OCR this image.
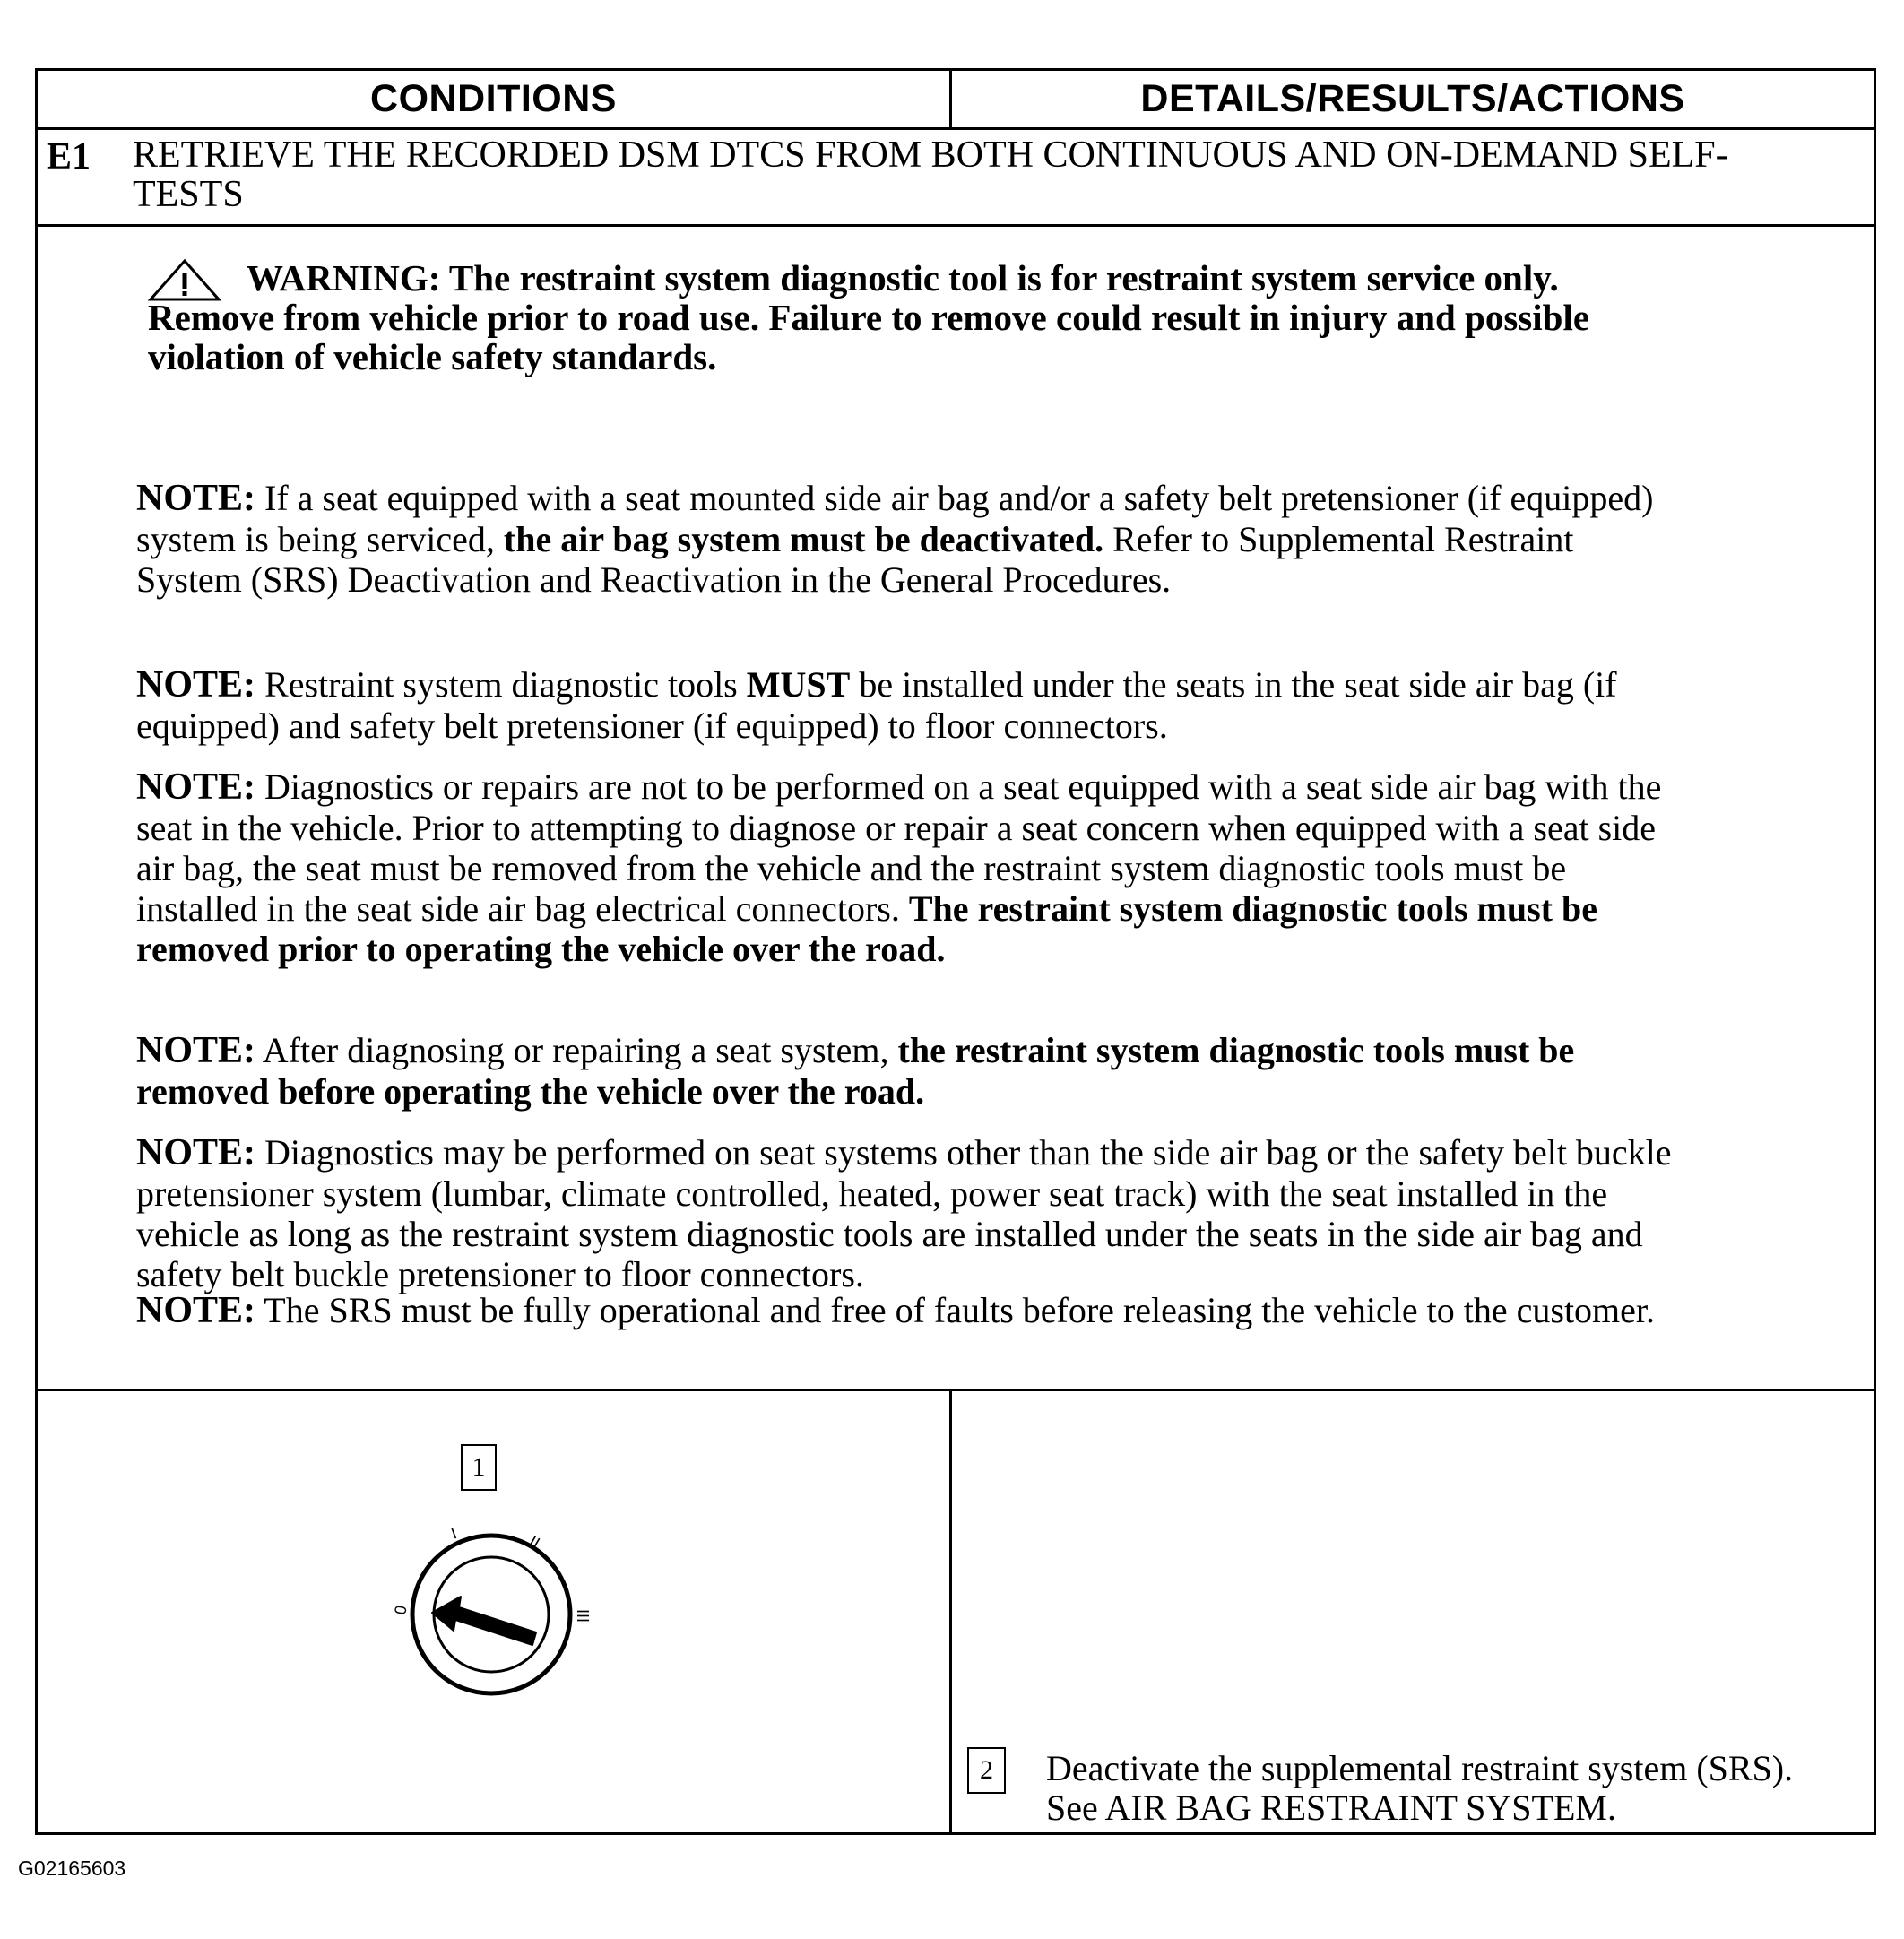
CONDITIONS	DETAILS/RESULTS/ACTIONS
E1 RETRIEVE THE RECORDED DSM DTCS FROM BOTH CONTINUOUS AND ON-DEMAND SELF-TESTS
WARNING: The restraint system diagnostic tool is for restraint system service only.
Remove from vehicle prior to road use. Failure to remove could result in injury and possible
violation of vehicle safety standards.
NOTE: If a seat equipped with a seat mounted side air bag and/or a safety belt pretensioner (if equipped) system is being serviced, the air bag system must be deactivated. Refer to Supplemental Restraint System (SRS) Deactivation and Reactivation in the General Procedures.
NOTE: Restraint system diagnostic tools MUST be installed under the seats in the seat side air bag (if equipped) and safety belt pretensioner (if equipped) to floor connectors.
NOTE: Diagnostics or repairs are not to be performed on a seat equipped with a seat side air bag with the seat in the vehicle. Prior to attempting to diagnose or repair a seat concern when equipped with a seat side air bag, the seat must be removed from the vehicle and the restraint system diagnostic tools must be installed in the seat side air bag electrical connectors. The restraint system diagnostic tools must be removed prior to operating the vehicle over the road.
NOTE: After diagnosing or repairing a seat system, the restraint system diagnostic tools must be removed before operating the vehicle over the road.
NOTE: Diagnostics may be performed on seat systems other than the side air bag or the safety belt buckle pretensioner system (lumbar, climate controlled, heated, power seat track) with the seat installed in the vehicle as long as the restraint system diagnostic tools are installed under the seats in the side air bag and safety belt buckle pretensioner to floor connectors.
NOTE: The SRS must be fully operational and free of faults before releasing the vehicle to the customer.
1
0
I	II
III
2	Deactivate the supplemental restraint system (SRS). See AIR BAG RESTRAINT SYSTEM.
G02165603
